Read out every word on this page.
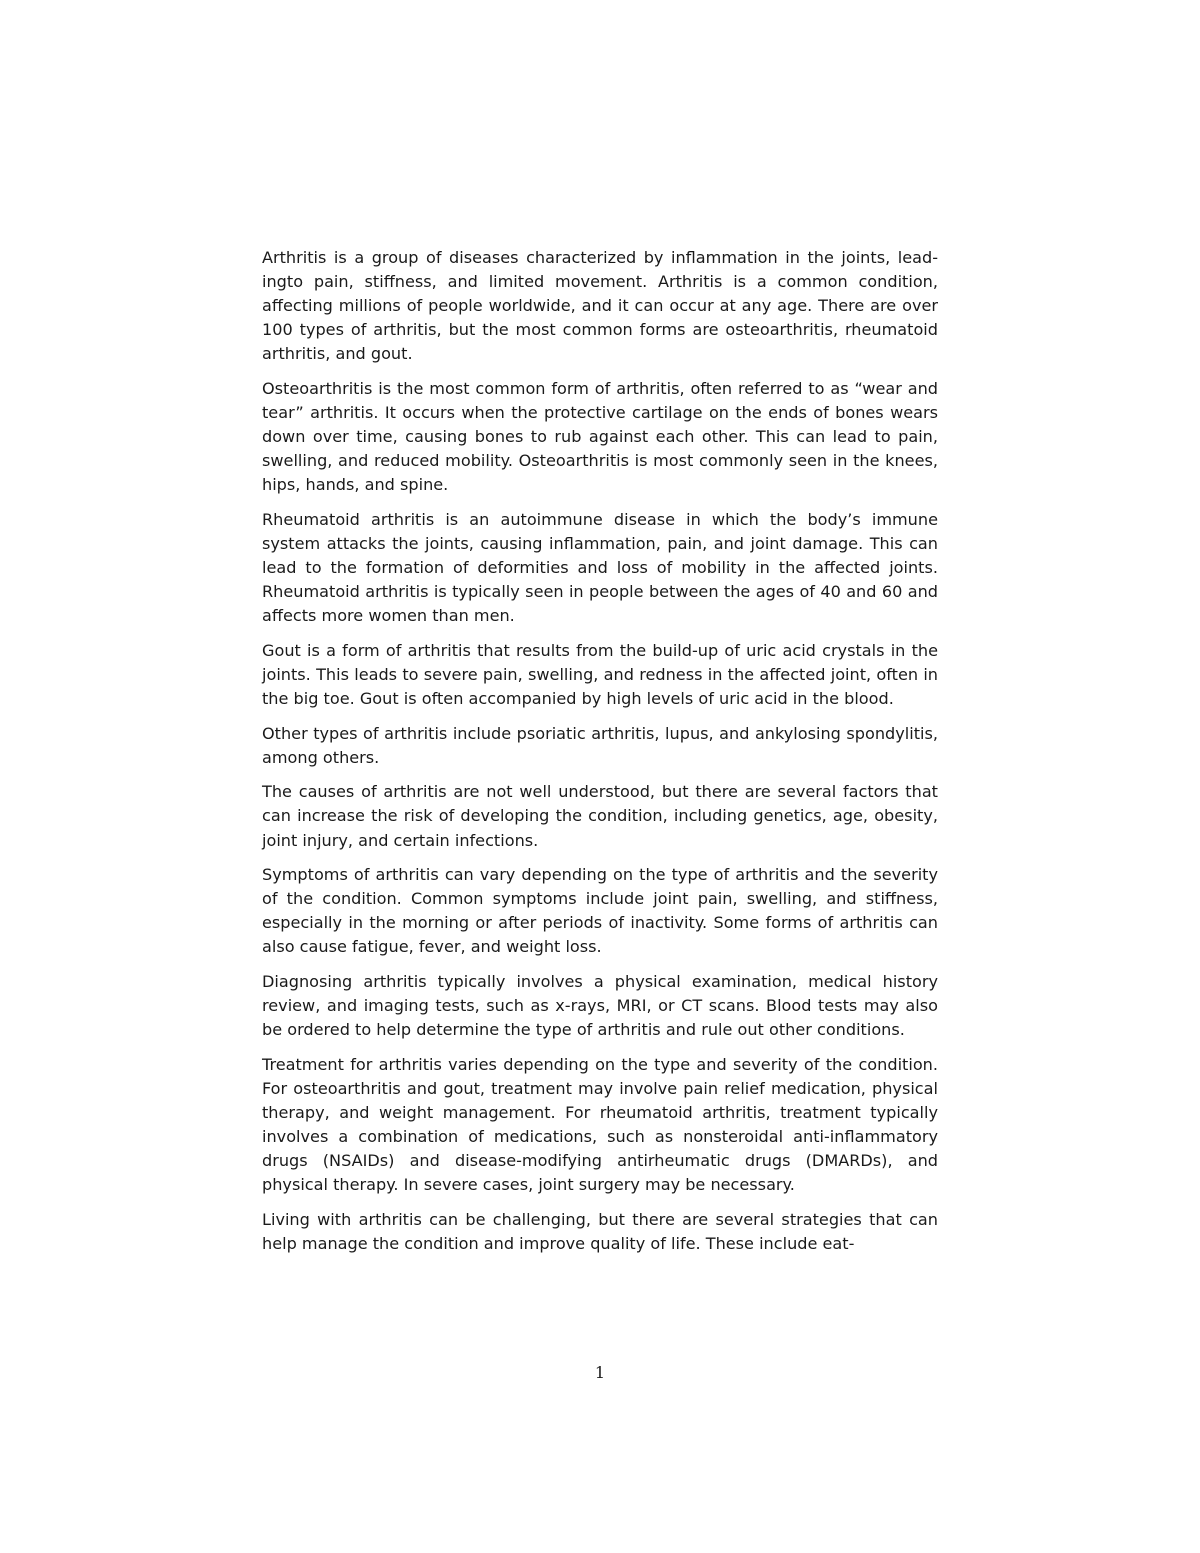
Arthritis is a group of diseases characterized by inflammation in the joints, leadingto pain, stiffness, and limited movement. Arthritis is a common condition, affecting millions of people worldwide, and it can occur at any age. There are over 100 types of arthritis, but the most common forms are osteoarthritis, rheumatoid arthritis, and gout.

Osteoarthritis is the most common form of arthritis, often referred to as “wear and tear” arthritis. It occurs when the protective cartilage on the ends of bones wears down over time, causing bones to rub against each other. This can lead to pain, swelling, and reduced mobility. Osteoarthritis is most commonly seen in the knees, hips, hands, and spine.

Rheumatoid arthritis is an autoimmune disease in which the body’s immune system attacks the joints, causing inflammation, pain, and joint damage. This can lead to the formation of deformities and loss of mobility in the affected joints. Rheumatoid arthritis is typically seen in people between the ages of 40 and 60 and affects more women than men.

Gout is a form of arthritis that results from the build-up of uric acid crystals in the joints. This leads to severe pain, swelling, and redness in the affected joint, often in the big toe. Gout is often accompanied by high levels of uric acid in the blood.

Other types of arthritis include psoriatic arthritis, lupus, and ankylosing spondylitis, among others.

The causes of arthritis are not well understood, but there are several factors that can increase the risk of developing the condition, including genetics, age, obesity, joint injury, and certain infections.

Symptoms of arthritis can vary depending on the type of arthritis and the severity of the condition. Common symptoms include joint pain, swelling, and stiffness, especially in the morning or after periods of inactivity. Some forms of arthritis can also cause fatigue, fever, and weight loss.

Diagnosing arthritis typically involves a physical examination, medical history review, and imaging tests, such as x-rays, MRI, or CT scans. Blood tests may also be ordered to help determine the type of arthritis and rule out other conditions.

Treatment for arthritis varies depending on the type and severity of the condition. For osteoarthritis and gout, treatment may involve pain relief medication, physical therapy, and weight management. For rheumatoid arthritis, treatment typically involves a combination of medications, such as nonsteroidal anti-inflammatory drugs (NSAIDs) and disease-modifying antirheumatic drugs (DMARDs), and physical therapy. In severe cases, joint surgery may be necessary.

Living with arthritis can be challenging, but there are several strategies that can help manage the condition and improve quality of life. These include eat-

1
